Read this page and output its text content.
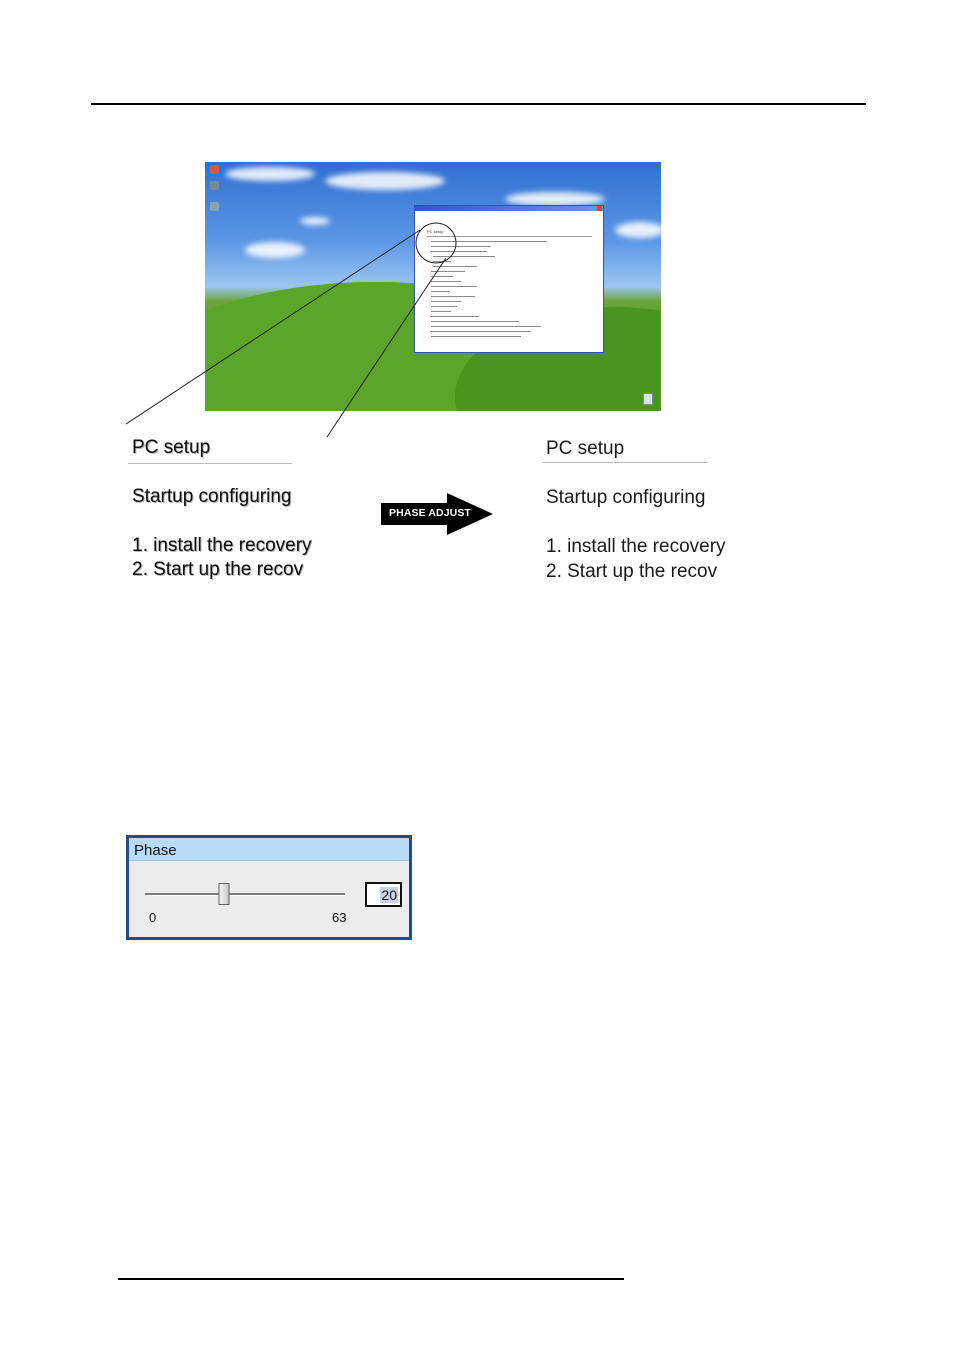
PC setup
PC setup
Startup configuring
1. install the recovery
2. Start up the recov
PHASE ADJUST
PC setup
Startup configuring
1. install the recovery
2. Start up the recov
Phase
0	63
20
